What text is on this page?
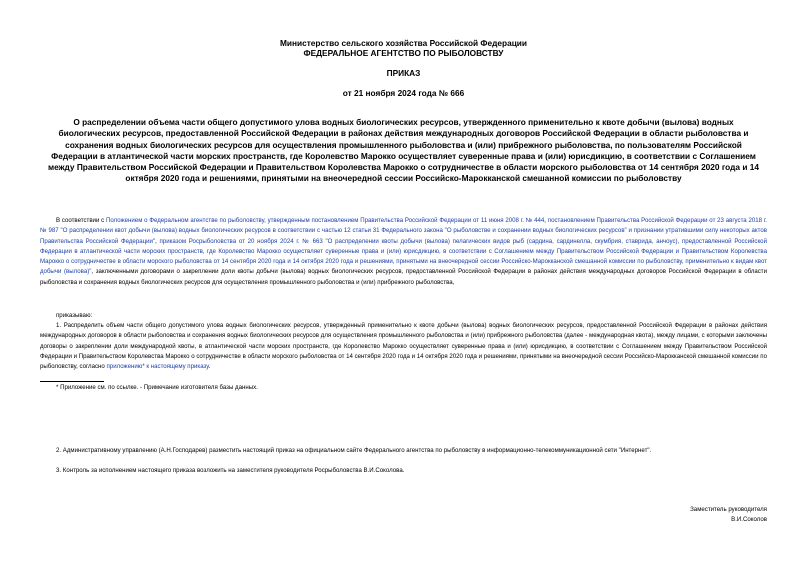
Министерство сельского хозяйства Российской Федерации
ФЕДЕРАЛЬНОЕ АГЕНТСТВО ПО РЫБОЛОВСТВУ
ПРИКАЗ
от 21 ноября 2024 года № 666
О распределении объема части общего допустимого улова водных биологических ресурсов, утвержденного применительно к квоте добычи (вылова) водных биологических ресурсов, предоставленной Российской Федерации в районах действия международных договоров Российской Федерации в области рыболовства и сохранения водных биологических ресурсов для осуществления промышленного рыболовства и (или) прибрежного рыболовства, по пользователям Российской Федерации в атлантической части морских пространств, где Королевство Марокко осуществляет суверенные права и (или) юрисдикцию, в соответствии с Соглашением между Правительством Российской Федерации и Правительством Королевства Марокко о сотрудничестве в области морского рыболовства от 14 сентября 2020 года и 14 октября 2020 года и решениями, принятыми на внеочередной сессии Российско-Марокканской смешанной комиссии по рыболовству
В соответствии с Положением о Федеральном агентстве по рыболовству, утвержденным постановлением Правительства Российской Федерации от 11 июня 2008 г. № 444, постановлением Правительства Российской Федерации от 23 августа 2018 г. № 987 "О распределении квот добычи (вылова) водных биологических ресурсов в соответствии с частью 12 статьи 31 Федерального закона "О рыболовстве и сохранении водных биологических ресурсов" и признании утратившими силу некоторых актов Правительства Российской Федерации", приказом Росрыболовства от 20 ноября 2024 г. № 663 "О распределении квоты добычи (вылова) пелагических видов рыб (сардина, сардинелла, скумбрия, ставрида, анчоус), предоставленной Российской Федерации в атлантической части морских пространств, где Королевство Марокко осуществляет суверенные права и (или) юрисдикцию, в соответствии с Соглашением между Правительством Российской Федерации и Правительством Королевства Марокко о сотрудничестве в области морского рыболовства от 14 сентября 2020 года и 14 октября 2020 года и решениями, принятыми на внеочередной сессии Российско-Марокканской смешанной комиссии по рыболовству, применительно к видам квот добычи (вылова)", заключенными договорами о закреплении доли квоты добычи (вылова) водных биологических ресурсов, предоставленной Российской Федерации в районах действия международных договоров Российской Федерации в области рыболовства и сохранения водных биологических ресурсов для осуществления промышленного рыболовства и (или) прибрежного рыболовства,
приказываю:
1. Распределить объем части общего допустимого улова водных биологических ресурсов, утвержденный применительно к квоте добычи (вылова) водных биологических ресурсов, предоставленной Российской Федерации в районах действия международных договоров в области рыболовства и сохранения водных биологических ресурсов для осуществления промышленного рыболовства и (или) прибрежного рыболовства (далее - международная квота), между лицами, с которыми заключены договоры о закреплении доли международной квоты, в атлантической части морских пространств, где Королевство Марокко осуществляет суверенные права и (или) юрисдикцию, в соответствии с Соглашением между Правительством Российской Федерации и Правительством Королевства Марокко о сотрудничестве в области морского рыболовства от 14 сентября 2020 года и 14 октября 2020 года и решениями, принятыми на внеочередной сессии Российско-Марокканской смешанной комиссии по рыболовству, согласно приложению* к настоящему приказу.
* Приложение см. по ссылке. - Примечание изготовителя базы данных.
2. Административному управлению (А.Н.Господарев) разместить настоящий приказ на официальном сайте Федерального агентства по рыболовству в информационно-телекоммуникационной сети "Интернет".
3. Контроль за исполнением настоящего приказа возложить на заместителя руководителя Росрыболовства В.И.Соколова.
Заместитель руководителя
В.И.Соколов
